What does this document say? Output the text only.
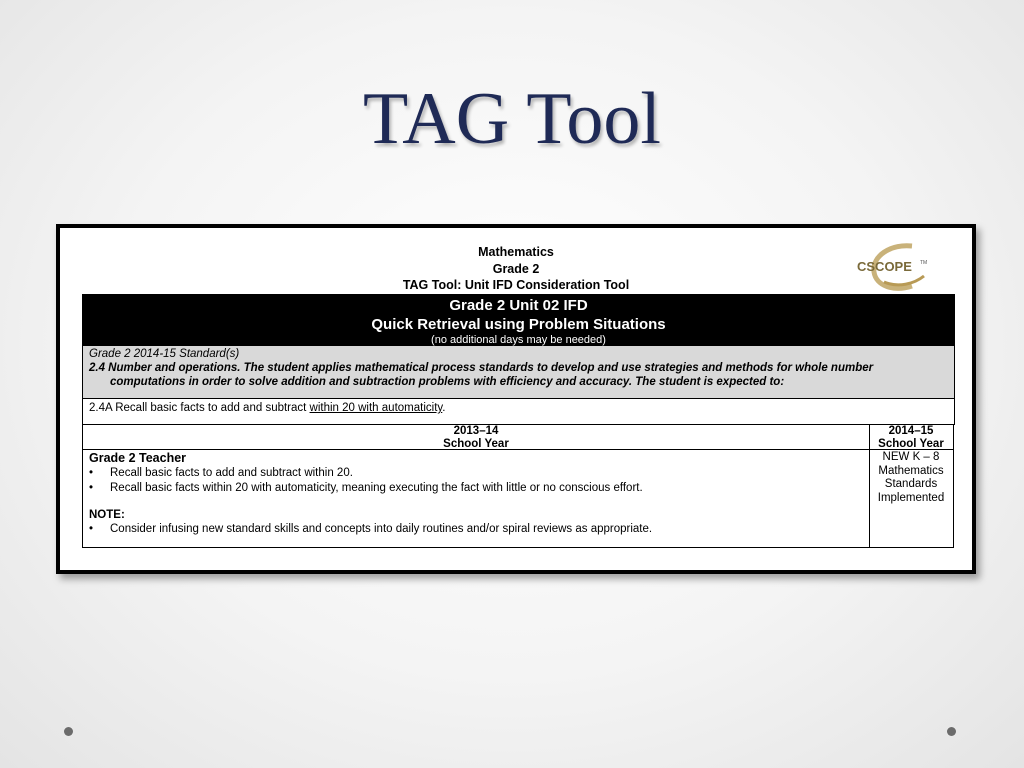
TAG Tool
Mathematics
Grade 2
TAG Tool: Unit IFD Consideration Tool
CSCOPE TM
Grade 2 Unit 02 IFD
Quick Retrieval using Problem Situations
(no additional days may be needed)
Grade 2 2014-15 Standard(s)
2.4 Number and operations. The student applies mathematical process standards to develop and use strategies and methods for whole number computations in order to solve addition and subtraction problems with efficiency and accuracy. The student is expected to:
2.4A Recall basic facts to add and subtract within 20 with automaticity.
2013–14
School Year
Grade 2 Teacher
• Recall basic facts to add and subtract within 20.
• Recall basic facts within 20 with automaticity, meaning executing the fact with little or no conscious effort.
NOTE:
• Consider infusing new standard skills and concepts into daily routines and/or spiral reviews as appropriate.
2014–15
School Year
NEW K – 8
Mathematics
Standards
Implemented
